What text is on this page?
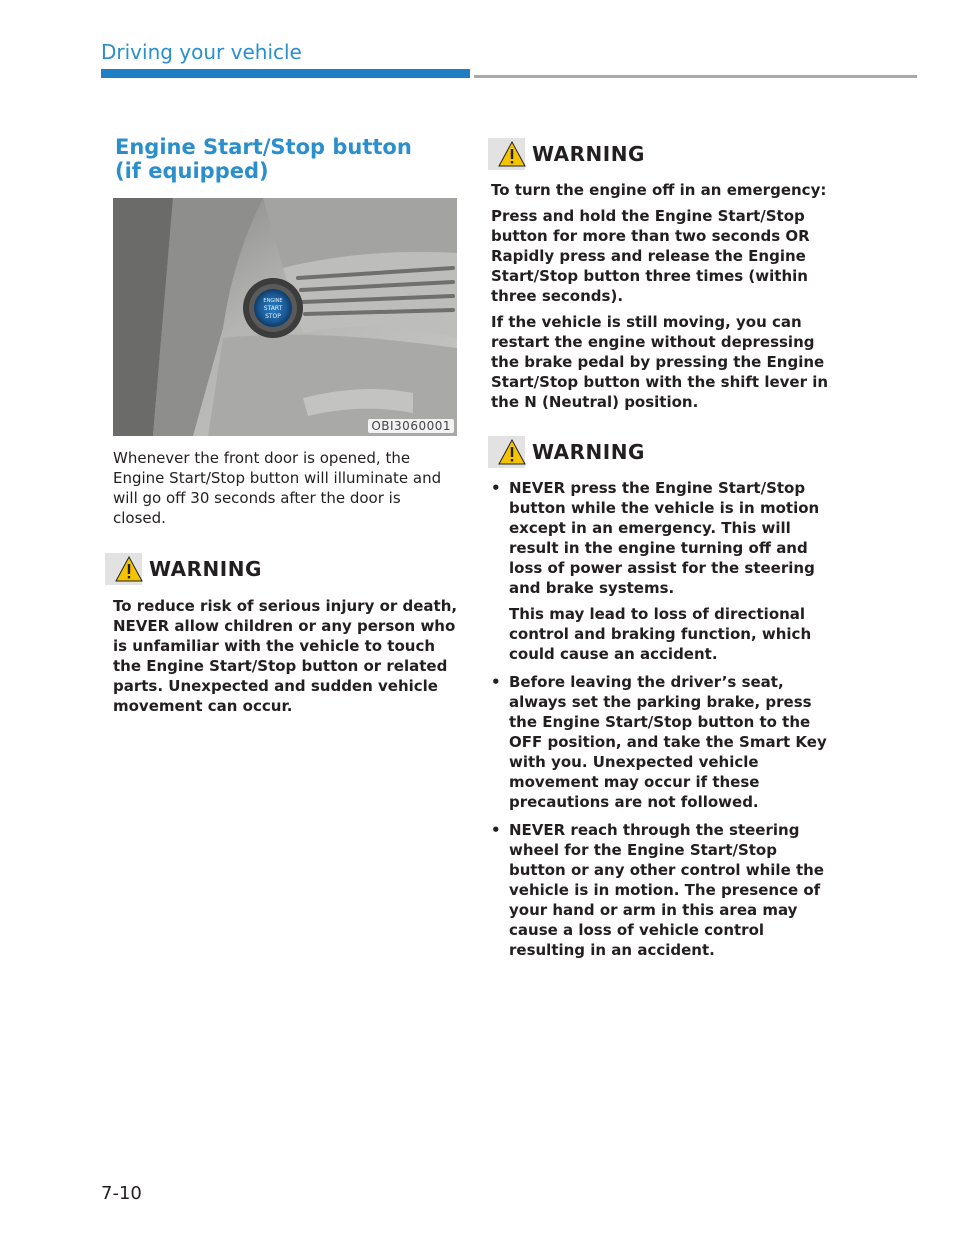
Driving your vehicle
Engine Start/Stop button
(if equipped)
ENGINE
START
STOP
OBI3060001
Whenever the front door is opened, the Engine Start/Stop button will illuminate and will go off 30 seconds after the door is closed.
WARNING

To reduce risk of serious injury or death, NEVER allow children or any person who is unfamiliar with the vehicle to touch the Engine Start/Stop button or related parts. Unexpected and sudden vehicle movement can occur.

WARNING

To turn the engine off in an emergency:

Press and hold the Engine Start/Stop button for more than two seconds OR Rapidly press and release the Engine Start/Stop button three times (within three seconds).

If the vehicle is still moving, you can restart the engine without depressing the brake pedal by pressing the Engine Start/Stop button with the shift lever in the N (Neutral) position.

WARNING
• NEVER press the Engine Start/Stop button while the vehicle is in motion except in an emergency. This will result in the engine turning off and loss of power assist for the steering and brake systems.
This may lead to loss of directional control and braking function, which could cause an accident.
• Before leaving the driver’s seat, always set the parking brake, press the Engine Start/Stop button to the OFF position, and take the Smart Key with you. Unexpected vehicle movement may occur if these precautions are not followed.
• NEVER reach through the steering wheel for the Engine Start/Stop button or any other control while the vehicle is in motion. The presence of your hand or arm in this area may cause a loss of vehicle control resulting in an accident.
7-10
